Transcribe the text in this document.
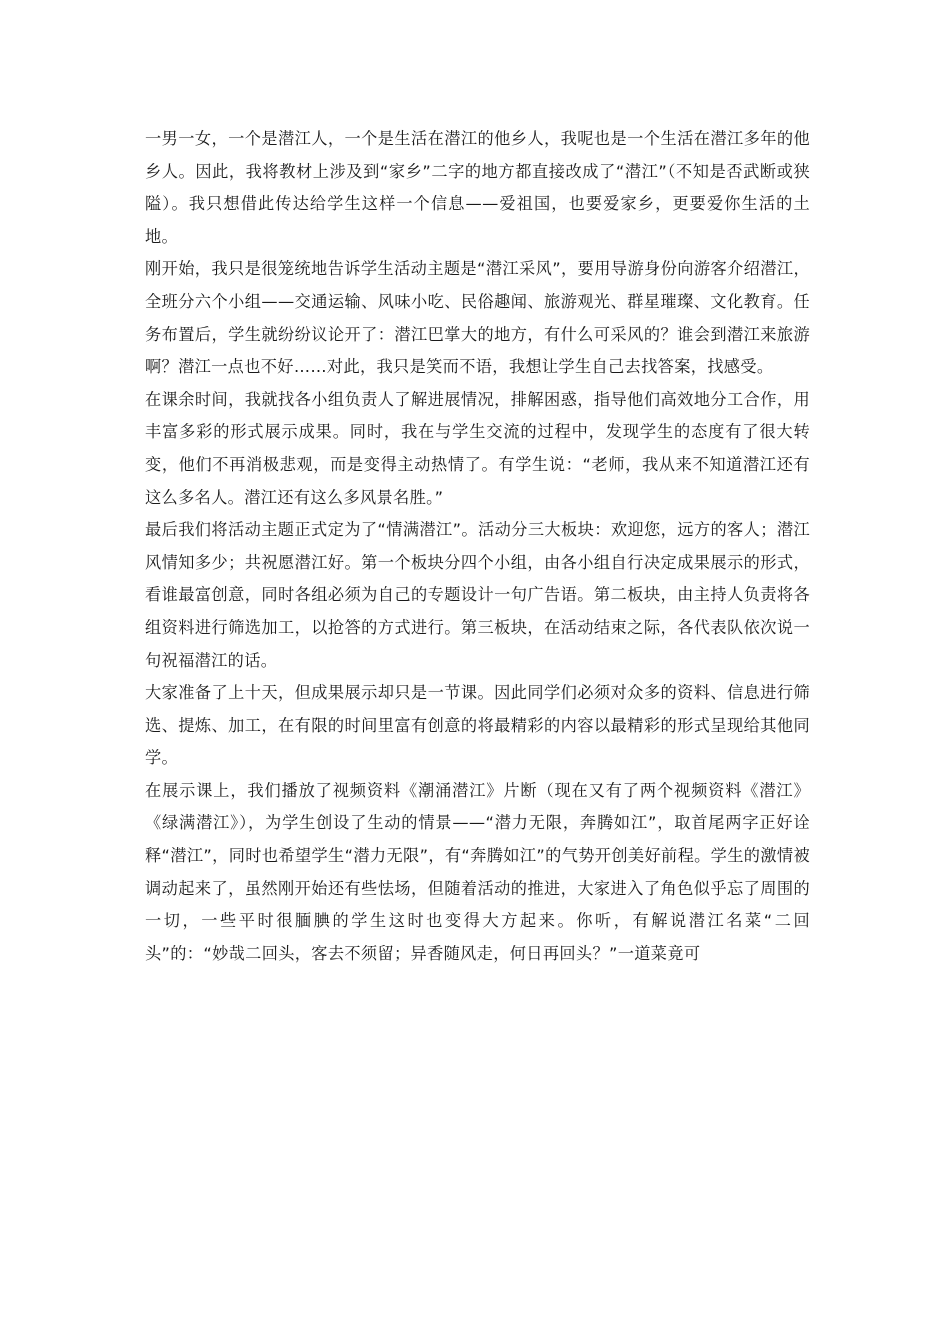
一男一女，一个是潜江人，一个是生活在潜江的他乡人，我呢也是一个生活在潜江多年的他乡人。因此，我将教材上涉及到“家乡”二字的地方都直接改成了“潜江”（不知是否武断或狭隘）。我只想借此传达给学生这样一个信息——爱祖国，也要爱家乡，更要爱你生活的土地。

刚开始，我只是很笼统地告诉学生活动主题是“潜江采风”，要用导游身份向游客介绍潜江，全班分六个小组——交通运输、风味小吃、民俗趣闻、旅游观光、群星璀璨、文化教育。任务布置后，学生就纷纷议论开了：潜江巴掌大的地方，有什么可采风的？谁会到潜江来旅游啊？潜江一点也不好……对此，我只是笑而不语，我想让学生自己去找答案，找感受。

在课余时间，我就找各小组负责人了解进展情况，排解困惑，指导他们高效地分工合作，用丰富多彩的形式展示成果。同时，我在与学生交流的过程中，发现学生的态度有了很大转变，他们不再消极悲观，而是变得主动热情了。有学生说：“老师，我从来不知道潜江还有这么多名人。潜江还有这么多风景名胜。”

最后我们将活动主题正式定为了“情满潜江”。活动分三大板块：欢迎您，远方的客人；潜江风情知多少；共祝愿潜江好。第一个板块分四个小组，由各小组自行决定成果展示的形式，看谁最富创意，同时各组必须为自己的专题设计一句广告语。第二板块，由主持人负责将各组资料进行筛选加工，以抢答的方式进行。第三板块，在活动结束之际，各代表队依次说一句祝福潜江的话。

大家准备了上十天，但成果展示却只是一节课。因此同学们必须对众多的资料、信息进行筛选、提炼、加工，在有限的时间里富有创意的将最精彩的内容以最精彩的形式呈现给其他同学。

在展示课上，我们播放了视频资料《潮涌潜江》片断（现在又有了两个视频资料《潜江》《绿满潜江》），为学生创设了生动的情景——“潜力无限，奔腾如江”，取首尾两字正好诠释“潜江”，同时也希望学生“潜力无限”，有“奔腾如江”的气势开创美好前程。学生的激情被调动起来了，虽然刚开始还有些怯场，但随着活动的推进，大家进入了角色似乎忘了周围的一切，一些平时很腼腆的学生这时也变得大方起来。你听，有解说潜江名菜“二回头”的：“妙哉二回头，客去不须留；异香随风走，何日再回头？”一道菜竟可
